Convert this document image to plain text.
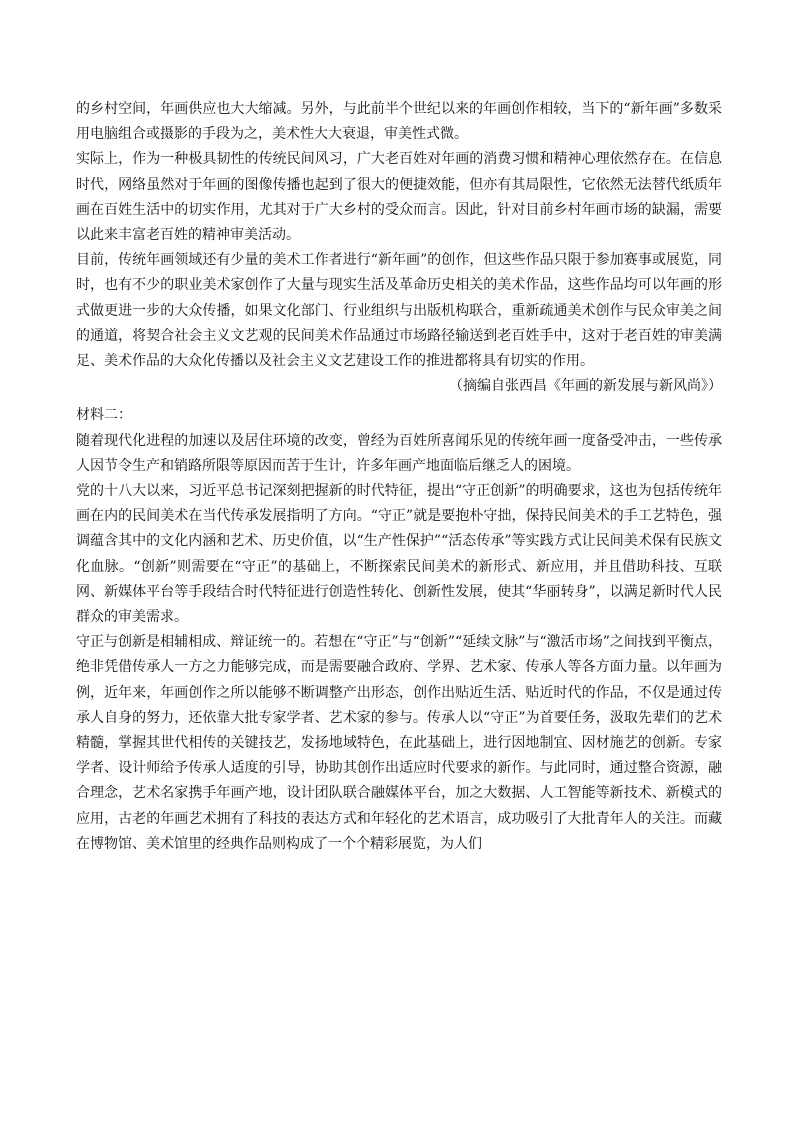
的乡村空间，年画供应也大大缩减。另外，与此前半个世纪以来的年画创作相较，当下的“新年画”多数采用电脑组合或摄影的手段为之，美术性大大衰退，审美性式微。

实际上，作为一种极具韧性的传统民间风习，广大老百姓对年画的消费习惯和精神心理依然存在。在信息时代，网络虽然对于年画的图像传播也起到了很大的便捷效能，但亦有其局限性，它依然无法替代纸质年画在百姓生活中的切实作用，尤其对于广大乡村的受众而言。因此，针对目前乡村年画市场的缺漏，需要以此来丰富老百姓的精神审美活动。

目前，传统年画领域还有少量的美术工作者进行“新年画”的创作，但这些作品只限于参加赛事或展览，同时，也有不少的职业美术家创作了大量与现实生活及革命历史相关的美术作品，这些作品均可以年画的形式做更进一步的大众传播，如果文化部门、行业组织与出版机构联合，重新疏通美术创作与民众审美之间的通道，将契合社会主义文艺观的民间美术作品通过市场路径输送到老百姓手中，这对于老百姓的审美满足、美术作品的大众化传播以及社会主义文艺建设工作的推进都将具有切实的作用。

（摘编自张西昌《年画的新发展与新风尚》）

材料二：

随着现代化进程的加速以及居住环境的改变，曾经为百姓所喜闻乐见的传统年画一度备受冲击，一些传承人因节令生产和销路所限等原因而苦于生计，许多年画产地面临后继乏人的困境。

党的十八大以来，习近平总书记深刻把握新的时代特征，提出“守正创新”的明确要求，这也为包括传统年画在内的民间美术在当代传承发展指明了方向。“守正”就是要抱朴守拙，保持民间美术的手工艺特色，强调蕴含其中的文化内涵和艺术、历史价值，以“生产性保护”“活态传承”等实践方式让民间美术保有民族文化血脉。“创新”则需要在“守正”的基础上，不断探索民间美术的新形式、新应用，并且借助科技、互联网、新媒体平台等手段结合时代特征进行创造性转化、创新性发展，使其“华丽转身”，以满足新时代人民群众的审美需求。

守正与创新是相辅相成、辩证统一的。若想在“守正”与“创新”“延续文脉”与“激活市场”之间找到平衡点，绝非凭借传承人一方之力能够完成，而是需要融合政府、学界、艺术家、传承人等各方面力量。以年画为例，近年来，年画创作之所以能够不断调整产出形态，创作出贴近生活、贴近时代的作品，不仅是通过传承人自身的努力，还依靠大批专家学者、艺术家的参与。传承人以“守正”为首要任务，汲取先辈们的艺术精髓，掌握其世代相传的关键技艺，发扬地域特色，在此基础上，进行因地制宜、因材施艺的创新。专家学者、设计师给予传承人适度的引导，协助其创作出适应时代要求的新作。与此同时，通过整合资源，融合理念，艺术名家携手年画产地，设计团队联合融媒体平台，加之大数据、人工智能等新技术、新模式的应用，古老的年画艺术拥有了科技的表达方式和年轻化的艺术语言，成功吸引了大批青年人的关注。而藏在博物馆、美术馆里的经典作品则构成了一个个精彩展览，为人们
